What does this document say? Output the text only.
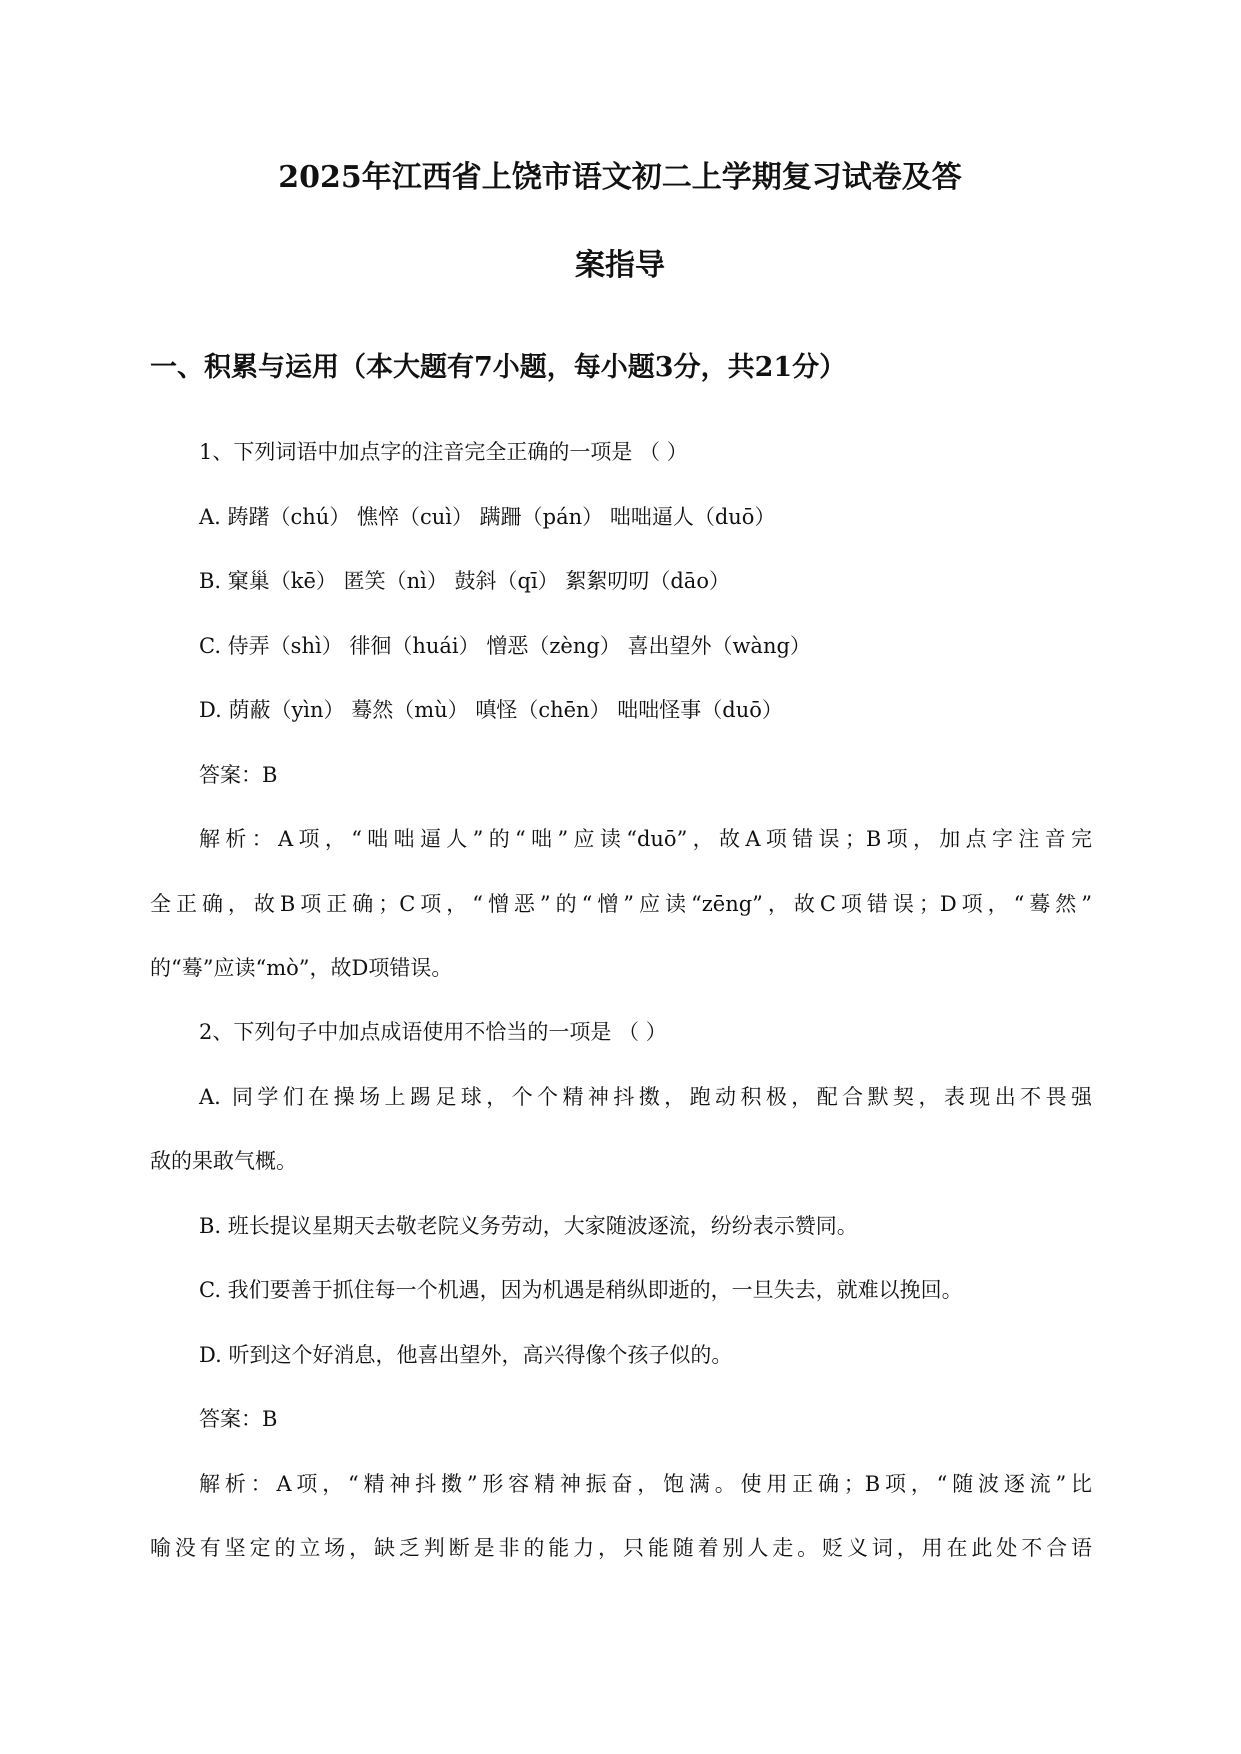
2025年江西省上饶市语文初二上学期复习试卷及答
案指导
一、积累与运用（本大题有7小题，每小题3分，共21分）

1、下列词语中加点字的注音完全正确的一项是 （ ）

A. 踌躇（chú） 憔悴（cuì） 蹒跚（pán） 咄咄逼人（duō）

B. 窠巢（kē） 匿笑（nì） 鼓斜（qī） 絮絮叨叨（dāo）

C. 侍弄（shì） 徘徊（huái） 憎恶（zèng） 喜出望外（wàng）

D. 荫蔽（yìn） 蓦然（mù） 嗔怪（chēn） 咄咄怪事（duō）

答案：B

解析：A项，“咄咄逼人”的“咄”应读“duō”，故A项错误；B项，加点字注音完

全正确，故B项正确；C项，“憎恶”的“憎”应读“zēng”，故C项错误；D项，“蓦然”

的“蓦”应读“mò”，故D项错误。

2、下列句子中加点成语使用不恰当的一项是 （ ）

A. 同学们在操场上踢足球，个个精神抖擞，跑动积极，配合默契，表现出不畏强

敌的果敢气概。

B. 班长提议星期天去敬老院义务劳动，大家随波逐流，纷纷表示赞同。

C. 我们要善于抓住每一个机遇，因为机遇是稍纵即逝的，一旦失去，就难以挽回。

D. 听到这个好消息，他喜出望外，高兴得像个孩子似的。

答案：B

解析：A项，“精神抖擞”形容精神振奋，饱满。使用正确；B项，“随波逐流”比

喻没有坚定的立场，缺乏判断是非的能力，只能随着别人走。贬义词，用在此处不合语
